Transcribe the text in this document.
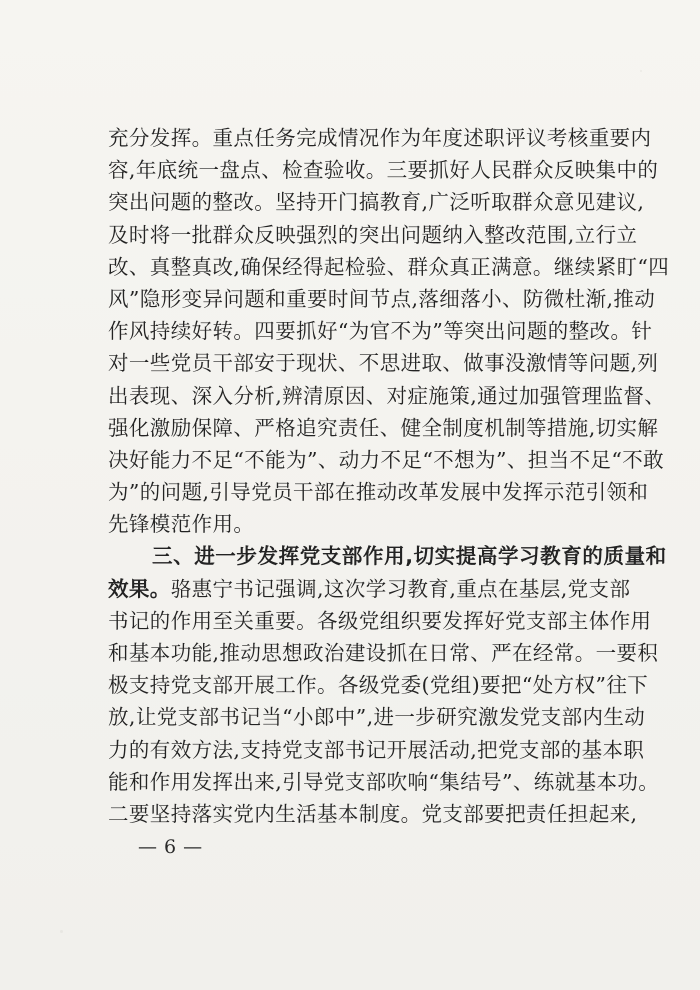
充分发挥。重点任务完成情况作为年度述职评议考核重要内
容,年底统一盘点、检查验收。三要抓好人民群众反映集中的
突出问题的整改。坚持开门搞教育,广泛听取群众意见建议,
及时将一批群众反映强烈的突出问题纳入整改范围,立行立
改、真整真改,确保经得起检验、群众真正满意。继续紧盯“四
风”隐形变异问题和重要时间节点,落细落小、防微杜渐,推动
作风持续好转。四要抓好“为官不为”等突出问题的整改。针
对一些党员干部安于现状、不思进取、做事没激情等问题,列
出表现、深入分析,辨清原因、对症施策,通过加强管理监督、
强化激励保障、严格追究责任、健全制度机制等措施,切实解
决好能力不足“不能为”、动力不足“不想为”、担当不足“不敢
为”的问题,引导党员干部在推动改革发展中发挥示范引领和
先锋模范作用。
三、进一步发挥党支部作用,切实提高学习教育的质量和
效果。骆惠宁书记强调,这次学习教育,重点在基层,党支部
书记的作用至关重要。各级党组织要发挥好党支部主体作用
和基本功能,推动思想政治建设抓在日常、严在经常。一要积
极支持党支部开展工作。各级党委(党组)要把“处方权”往下
放,让党支部书记当“小郎中”,进一步研究激发党支部内生动
力的有效方法,支持党支部书记开展活动,把党支部的基本职
能和作用发挥出来,引导党支部吹响“集结号”、练就基本功。
二要坚持落实党内生活基本制度。党支部要把责任担起来,
— 6 —
